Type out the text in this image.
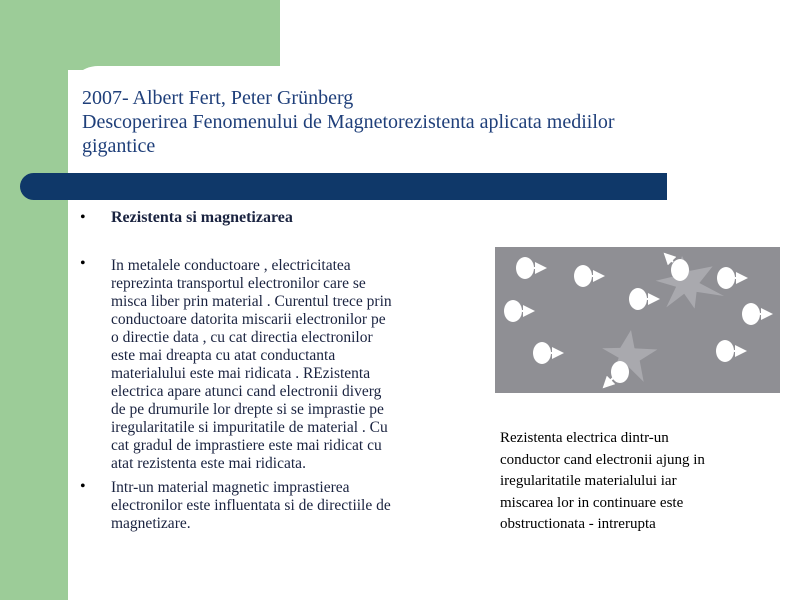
2007- Albert Fert, Peter Grünberg
Descoperirea Fenomenului de Magnetorezistenta aplicata mediilor
gigantice
• Rezistenta si magnetizarea
• In metalele conductoare , electricitatea
reprezinta transportul electronilor care se
misca liber prin material . Curentul trece prin
conductoare datorita miscarii electronilor pe
o directie data , cu cat directia electronilor
este mai dreapta cu atat conductanta
materialului este mai ridicata . REzistenta
electrica apare atunci cand electronii diverg
de pe drumurile lor drepte si se imprastie pe
iregularitatile si impuritatile de material . Cu
cat gradul de imprastiere este mai ridicat cu
atat rezistenta este mai ridicata.
• Intr-un material magnetic imprastierea
electronilor este influentata si de directiile de
magnetizare.
Rezistenta electrica dintr-un
conductor cand electronii ajung in
iregularitatile materialului iar
miscarea lor in continuare este
obstructionata - intrerupta
